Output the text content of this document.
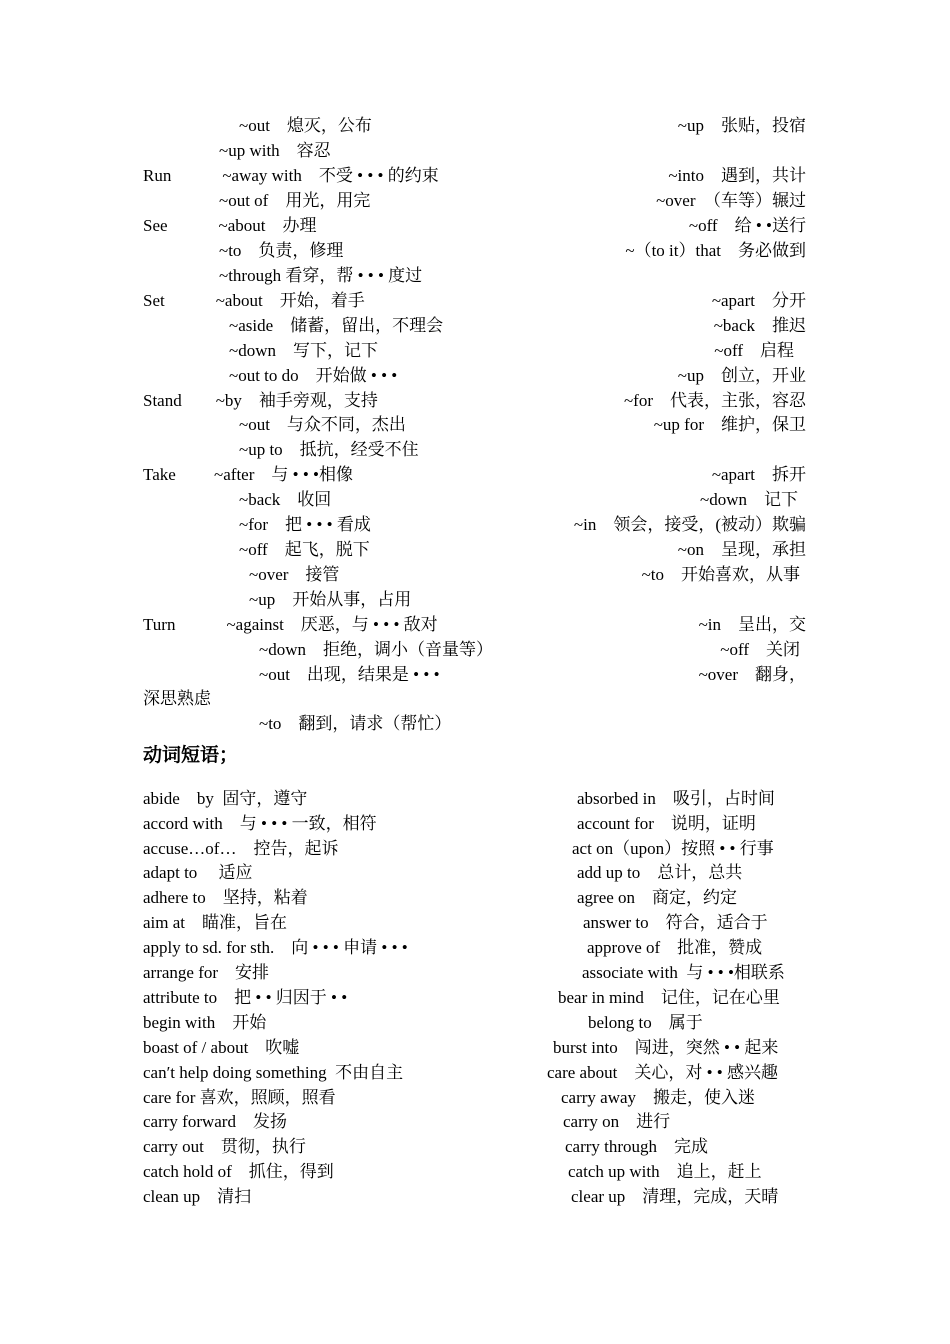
~out　熄灭，公布
~up with　容忍
Run　　　~away with　不受 • • • 的约束
~out of　用光，用完
See　　　~about　办理
~to　负责，修理
~through 看穿，帮 • • • 度过
Set　　　~about　开始，着手
~aside　储蓄，留出，不理会
~down　写下，记下
~out to do　开始做 • • •
Stand　　~by　袖手旁观，支持
~out　与众不同，杰出
~up to　抵抗，经受不住
Take　　 ~after　与 • • •相像
~back　收回
~for　把 • • • 看成
~off　起飞，脱下
~over　接管
~up　开始从事，占用
Turn　　　~against　厌恶，与 • • • 敌对
~down　拒绝，调小（音量等）
~out　出现，结果是 • • •
深思熟虑
~to　翻到，请求（帮忙）
~up　张贴，投宿
~into　遇到，共计
~over　（车等）辗过
~off　给 • •送行
~（to it）that　务必做到
~apart　分开
~back　推迟
~off　启程
~up　创立，开业
~for　代表，主张，容忍
~up for　维护，保卫
~apart　拆开
~down　记下
~in　领会，接受，(被动）欺骗
~on　呈现，承担
~to　开始喜欢，从事
~in　呈出，交
~off　关闭
~over　翻身，
动词短语；
abide　by  固守，遵守
accord with　与 • • • 一致，相符
accuse…of…　控告，起诉
adapt to　 适应
adhere to　坚持，粘着
aim at　瞄准，旨在
apply to sd. for sth.　向 • • • 申请 • • •
arrange for　安排
attribute to　把 • • 归因于 • •
begin with　开始
boast of / about　吹嘘
can′t help doing something  不由自主
care for 喜欢，照顾，照看
carry forward　发扬
carry out　贯彻，执行
catch hold of　抓住，得到
clean up　清扫
absorbed in　吸引，占时间
account for　说明，证明
act on（upon）按照 • • 行事
add up to　总计，总共
agree on　商定，约定
answer to　符合，适合于
approve of　批准，赞成
associate with  与 • • •相联系
bear in mind　记住，记在心里
belong to　属于
burst into　闯进，突然 • • 起来
care about　关心，对 • • 感兴趣
carry away　搬走，使入迷
carry on　进行
carry through　完成
catch up with　追上，赶上
clear up　清理，完成，天晴
